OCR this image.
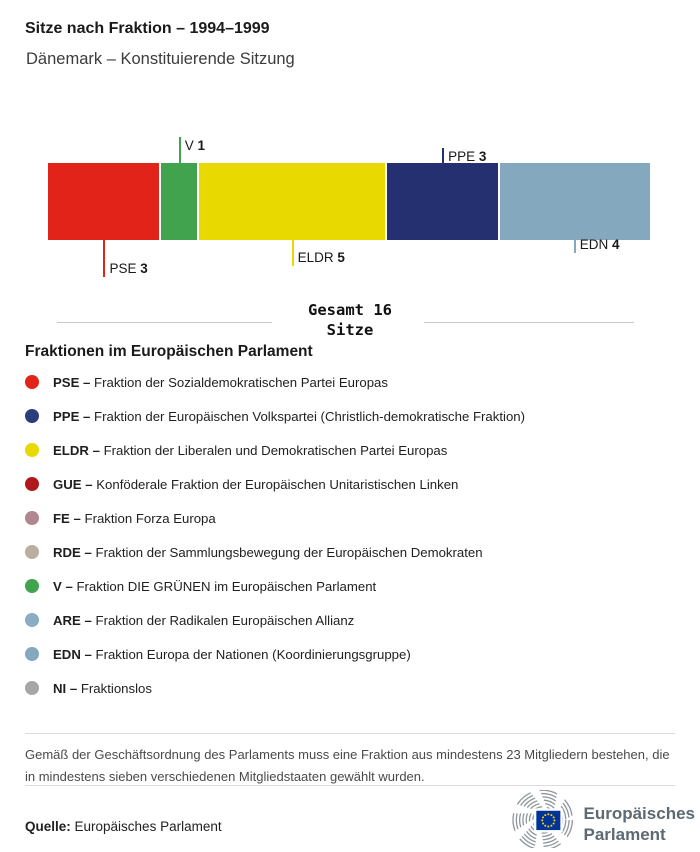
Sitze nach Fraktion – 1994–1999
Dänemark – Konstituierende Sitzung
PSE 3
V 1
ELDR 5
PPE 3
EDN 4
Gesamt 16
Sitze
Fraktionen im Europäischen Parlament
PSE – Fraktion der Sozialdemokratischen Partei Europas
PPE – Fraktion der Europäischen Volkspartei (Christlich-demokratische Fraktion)
ELDR – Fraktion der Liberalen und Demokratischen Partei Europas
GUE – Konföderale Fraktion der Europäischen Unitaristischen Linken
FE – Fraktion Forza Europa
RDE – Fraktion der Sammlungsbewegung der Europäischen Demokraten
V – Fraktion DIE GRÜNEN im Europäischen Parlament
ARE – Fraktion der Radikalen Europäischen Allianz
EDN – Fraktion Europa der Nationen (Koordinierungsgruppe)
NI – Fraktionslos
Gemäß der Geschäftsordnung des Parlaments muss eine Fraktion aus mindestens 23 Mitgliedern bestehen, die in mindestens sieben verschiedenen Mitgliedstaaten gewählt wurden.
Quelle: Europäisches Parlament
Europäisches
Parlament
